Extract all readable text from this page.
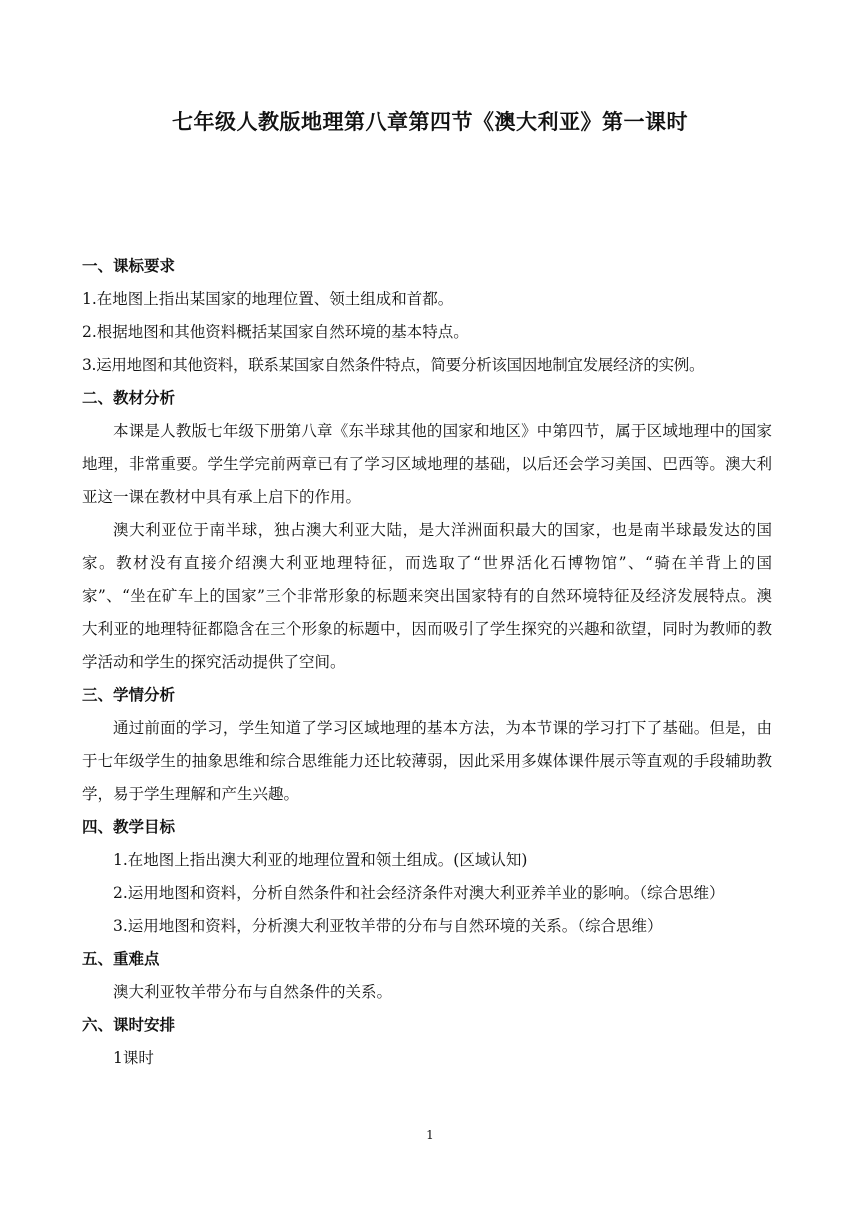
七年级人教版地理第八章第四节《澳大利亚》第一课时
一、课标要求

1.在地图上指出某国家的地理位置、领土组成和首都。

2.根据地图和其他资料概括某国家自然环境的基本特点。

3.运用地图和其他资料，联系某国家自然条件特点，简要分析该国因地制宜发展经济的实例。

二、教材分析

本课是人教版七年级下册第八章《东半球其他的国家和地区》中第四节，属于区域地理中的国家地理，非常重要。学生学完前两章已有了学习区域地理的基础，以后还会学习美国、巴西等。澳大利亚这一课在教材中具有承上启下的作用。

澳大利亚位于南半球，独占澳大利亚大陆，是大洋洲面积最大的国家，也是南半球最发达的国家。教材没有直接介绍澳大利亚地理特征，而选取了“世界活化石博物馆”、“骑在羊背上的国家”、“坐在矿车上的国家”三个非常形象的标题来突出国家特有的自然环境特征及经济发展特点。澳大利亚的地理特征都隐含在三个形象的标题中，因而吸引了学生探究的兴趣和欲望，同时为教师的教学活动和学生的探究活动提供了空间。

三、学情分析

通过前面的学习，学生知道了学习区域地理的基本方法，为本节课的学习打下了基础。但是，由于七年级学生的抽象思维和综合思维能力还比较薄弱，因此采用多媒体课件展示等直观的手段辅助教学，易于学生理解和产生兴趣。

四、教学目标

1.在地图上指出澳大利亚的地理位置和领土组成。(区域认知)

2.运用地图和资料，分析自然条件和社会经济条件对澳大利亚养羊业的影响。（综合思维）

3.运用地图和资料，分析澳大利亚牧羊带的分布与自然环境的关系。（综合思维）

五、重难点

澳大利亚牧羊带分布与自然条件的关系。

六、课时安排

1课时

1
